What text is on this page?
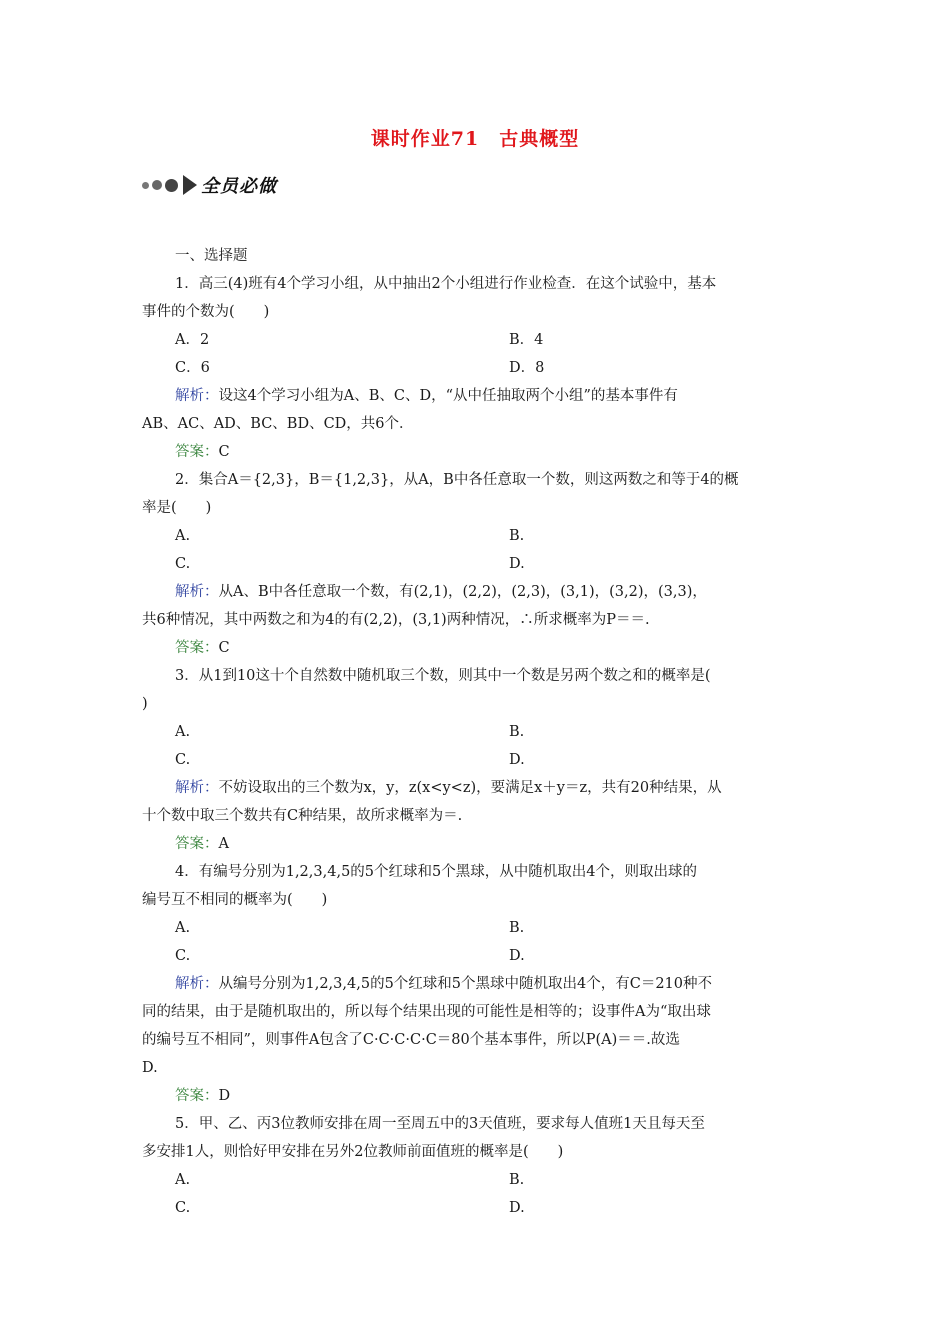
课时作业71　古典概型
全员必做
一、选择题
1．高三(4)班有4个学习小组，从中抽出2个小组进行作业检查．在这个试验中，基本
事件的个数为(　　)
A．2	B．4
C．6	D．8
解析：设这4个学习小组为A、B、C、D，“从中任抽取两个小组”的基本事件有
AB、AC、AD、BC、BD、CD，共6个．
答案：C
2．集合A＝{2,3}，B＝{1,2,3}，从A，B中各任意取一个数，则这两数之和等于4的概
率是(　　)
A.	B.
C.	D.
解析：从A、B中各任意取一个数，有(2,1)，(2,2)，(2,3)，(3,1)，(3,2)，(3,3)，
共6种情况，其中两数之和为4的有(2,2)，(3,1)两种情况，∴所求概率为P＝＝.
答案：C
3．从1到10这十个自然数中随机取三个数，则其中一个数是另两个数之和的概率是(
)
A.	B.
C.	D.
解析：不妨设取出的三个数为x，y，z(x<y<z)，要满足x＋y＝z，共有20种结果，从
十个数中取三个数共有C种结果，故所求概率为＝.
答案：A
4．有编号分别为1,2,3,4,5的5个红球和5个黑球，从中随机取出4个，则取出球的
编号互不相同的概率为(　　)
A.	B.
C.	D.
解析：从编号分别为1,2,3,4,5的5个红球和5个黑球中随机取出4个，有C＝210种不
同的结果，由于是随机取出的，所以每个结果出现的可能性是相等的；设事件A为“取出球
的编号互不相同”，则事件A包含了C·C·C·C·C＝80个基本事件，所以P(A)＝＝.故选
D.
答案：D
5．甲、乙、丙3位教师安排在周一至周五中的3天值班，要求每人值班1天且每天至
多安排1人，则恰好甲安排在另外2位教师前面值班的概率是(　　)
A.	B.
C.	D.
